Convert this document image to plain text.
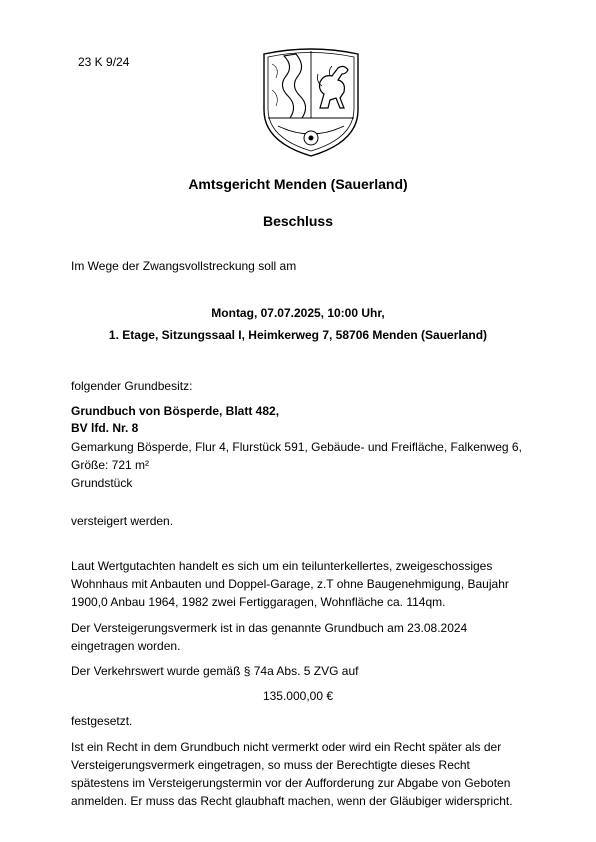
23 K 9/24
Amtsgericht Menden (Sauerland)
Beschluss
Im Wege der Zwangsvollstreckung soll am
Montag, 07.07.2025, 10:00 Uhr,
1. Etage, Sitzungssaal I, Heimkerweg 7, 58706 Menden (Sauerland)
folgender Grundbesitz:
Grundbuch von Bösperde, Blatt 482,
BV lfd. Nr. 8
Gemarkung Bösperde, Flur 4, Flurstück 591, Gebäude- und Freifläche, Falkenweg 6,
Größe: 721 m²
Grundstück
versteigert werden.
Laut Wertgutachten handelt es sich um ein teilunterkellertes, zweigeschossiges
Wohnhaus mit Anbauten und Doppel-Garage, z.T ohne Baugenehmigung, Baujahr
1900,0 Anbau 1964, 1982 zwei Fertiggaragen, Wohnfläche ca. 114qm.
Der Versteigerungsvermerk ist in das genannte Grundbuch am 23.08.2024
eingetragen worden.
Der Verkehrswert wurde gemäß § 74a Abs. 5 ZVG auf
135.000,00 €
festgesetzt.
Ist ein Recht in dem Grundbuch nicht vermerkt oder wird ein Recht später als der
Versteigerungsvermerk eingetragen, so muss der Berechtigte dieses Recht
spätestens im Versteigerungstermin vor der Aufforderung zur Abgabe von Geboten
anmelden. Er muss das Recht glaubhaft machen, wenn der Gläubiger widerspricht.
